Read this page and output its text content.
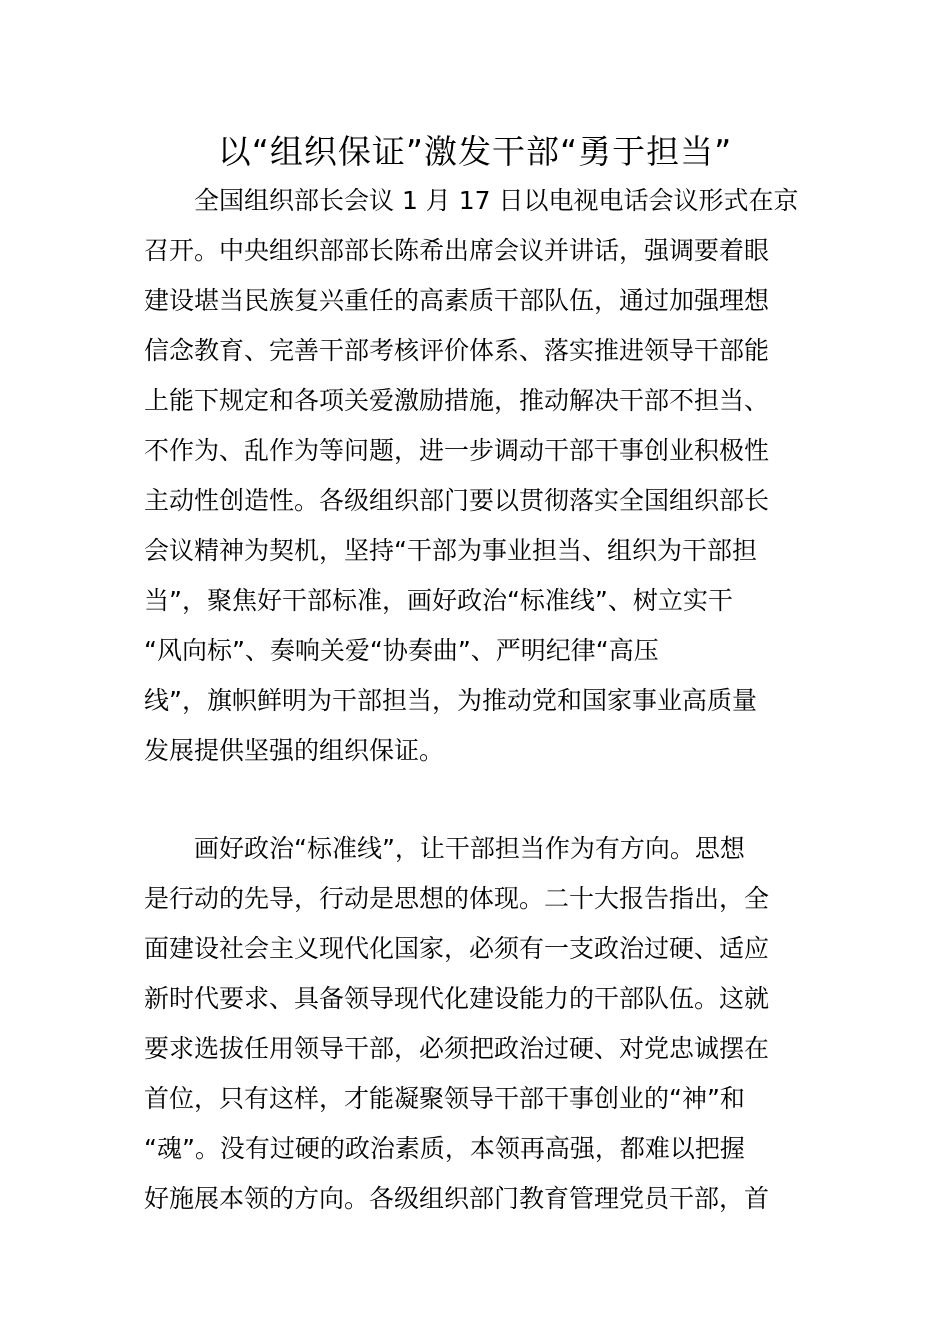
以“组织保证”激发干部“勇于担当”
全国组织部长会议 1 月 17 日以电视电话会议形式在京
召开。中央组织部部长陈希出席会议并讲话，强调要着眼
建设堪当民族复兴重任的高素质干部队伍，通过加强理想
信念教育、完善干部考核评价体系、落实推进领导干部能
上能下规定和各项关爱激励措施，推动解决干部不担当、
不作为、乱作为等问题，进一步调动干部干事创业积极性
主动性创造性。各级组织部门要以贯彻落实全国组织部长
会议精神为契机，坚持“干部为事业担当、组织为干部担
当”，聚焦好干部标准，画好政治“标准线”、树立实干
“风向标”、奏响关爱“协奏曲”、严明纪律“高压
线”，旗帜鲜明为干部担当，为推动党和国家事业高质量
发展提供坚强的组织保证。
画好政治“标准线”，让干部担当作为有方向。思想
是行动的先导，行动是思想的体现。二十大报告指出，全
面建设社会主义现代化国家，必须有一支政治过硬、适应
新时代要求、具备领导现代化建设能力的干部队伍。这就
要求选拔任用领导干部，必须把政治过硬、对党忠诚摆在
首位，只有这样，才能凝聚领导干部干事创业的“神”和
“魂”。没有过硬的政治素质，本领再高强，都难以把握
好施展本领的方向。各级组织部门教育管理党员干部，首
